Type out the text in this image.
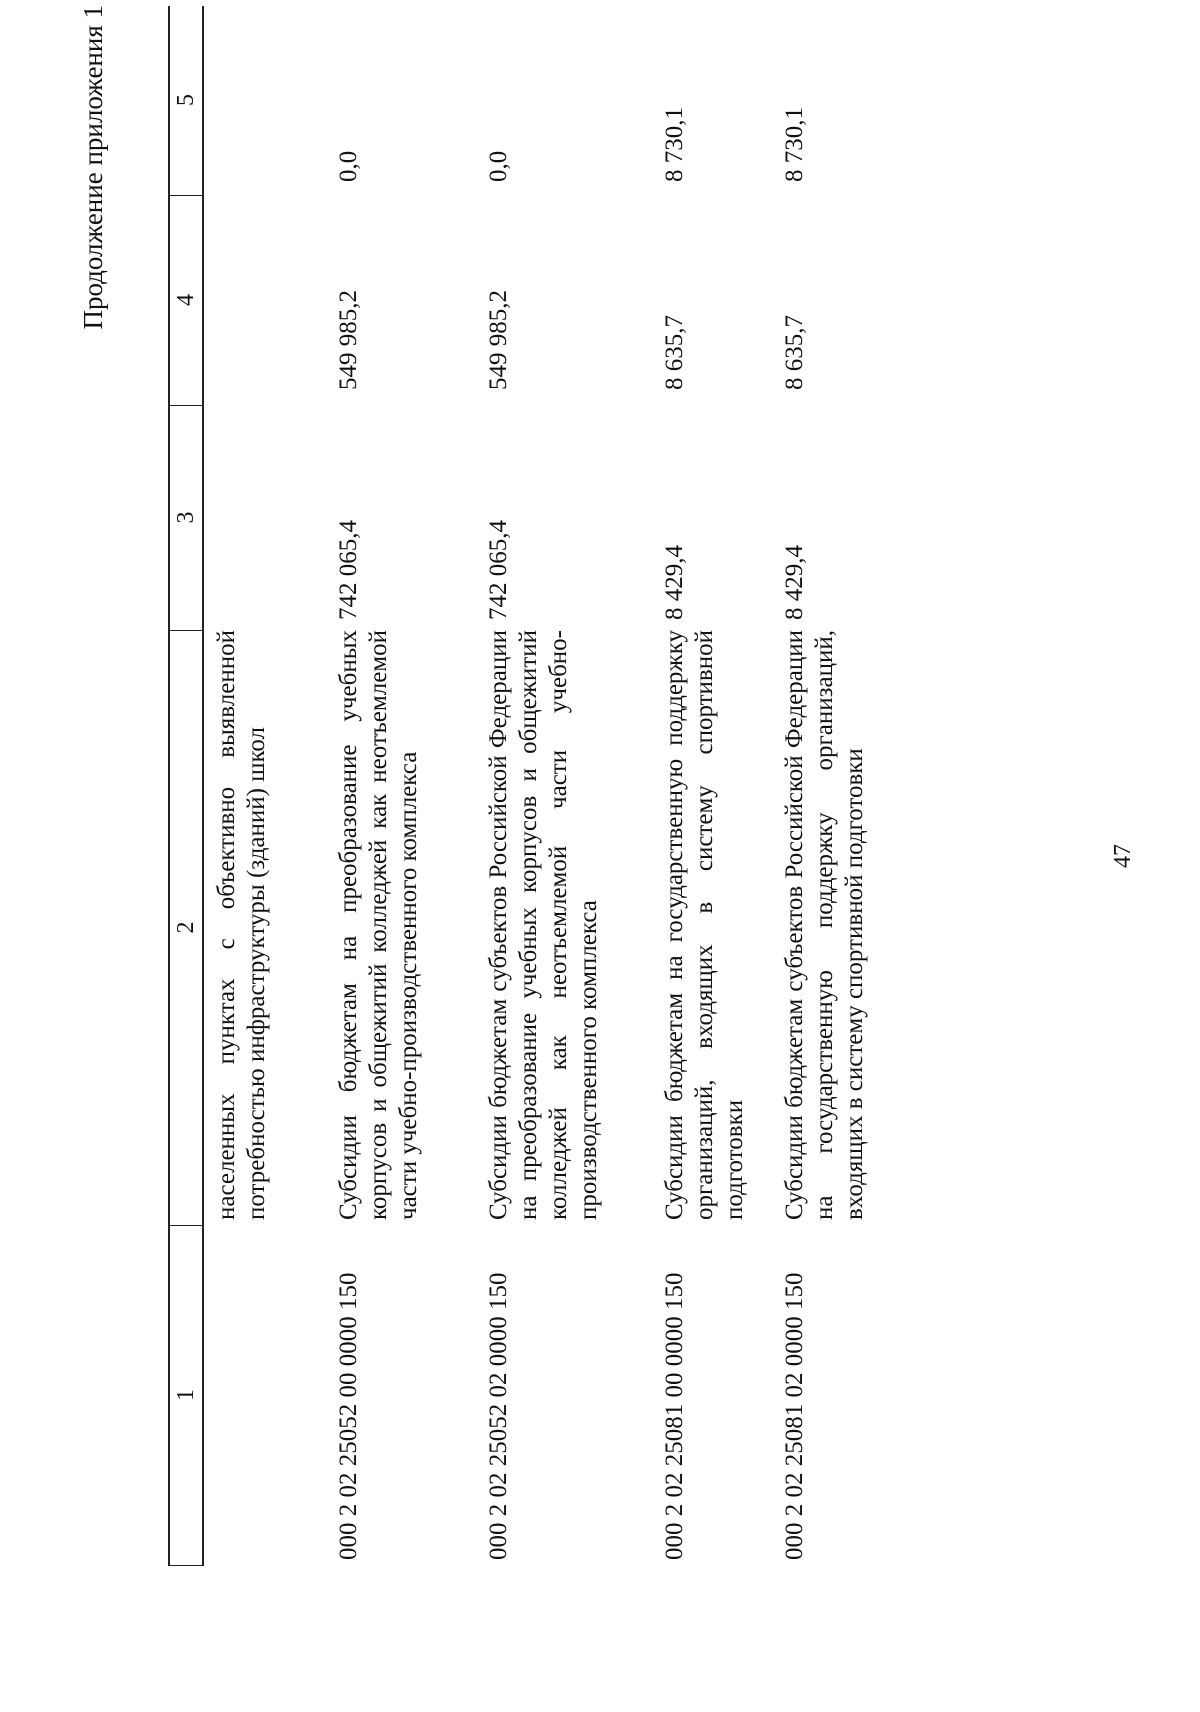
47
Продолжение приложения 1
1
2
3
4
5
населенных пунктах с объективно выявленной потребностью инфраструктуры (зданий) школ
000 2 02 25052 00 0000 150
Субсидии бюджетам на преобразование учебных корпусов и общежитий колледжей как неотъемлемой части учебно-производственного комплекса
742 065,4
549 985,2
0,0
000 2 02 25052 02 0000 150
Субсидии бюджетам субъектов Российской Федерации на преобразование учебных корпусов и общежитий колледжей как неотъемлемой части учебно-производственного комплекса
742 065,4
549 985,2
0,0
000 2 02 25081 00 0000 150
Субсидии бюджетам на государственную поддержку организаций, входящих в систему спортивной подготовки
8 429,4
8 635,7
8 730,1
000 2 02 25081 02 0000 150
Субсидии бюджетам субъектов Российской Федерации на государственную поддержку организаций, входящих в систему спортивной подготовки
8 429,4
8 635,7
8 730,1
